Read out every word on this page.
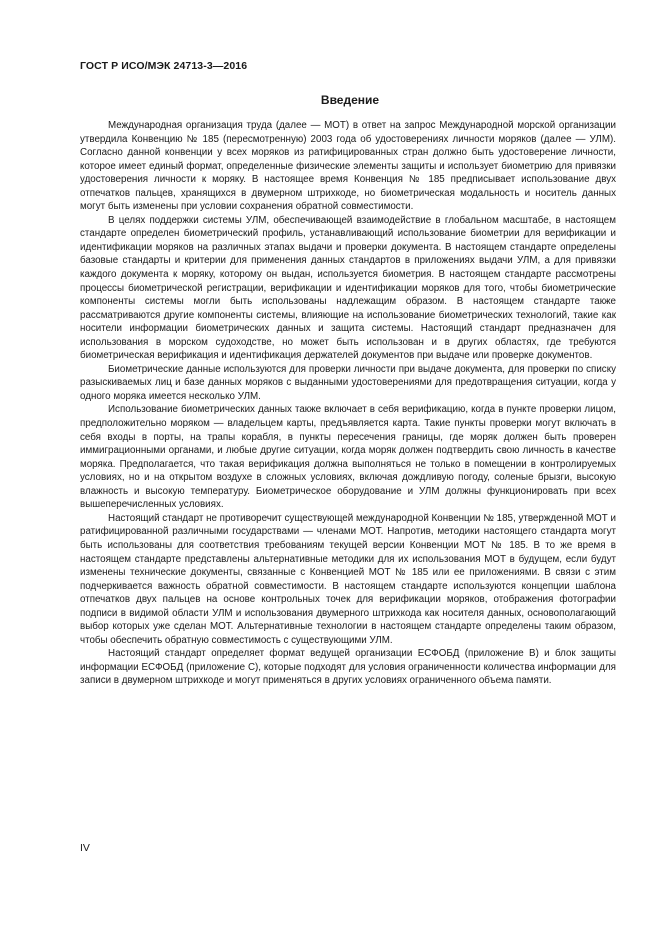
ГОСТ Р ИСО/МЭК 24713-3—2016
Введение

Международная организация труда (далее — МОТ) в ответ на запрос Международной морской организации утвердила Конвенцию № 185 (пересмотренную) 2003 года об удостоверениях личности моряков (далее — УЛМ). Согласно данной конвенции у всех моряков из ратифицированных стран должно быть удостоверение личности, которое имеет единый формат, определенные физические элементы защиты и использует биометрию для привязки удостоверения личности к моряку. В настоящее время Конвенция № 185 предписывает использование двух отпечатков пальцев, хранящихся в двумерном штрихкоде, но биометрическая модальность и носитель данных могут быть изменены при условии сохранения обратной совместимости.

В целях поддержки системы УЛМ, обеспечивающей взаимодействие в глобальном масштабе, в настоящем стандарте определен биометрический профиль, устанавливающий использование биометрии для верификации и идентификации моряков на различных этапах выдачи и проверки документа. В настоящем стандарте определены базовые стандарты и критерии для применения данных стандартов в приложениях выдачи УЛМ, а для привязки каждого документа к моряку, которому он выдан, используется биометрия. В настоящем стандарте рассмотрены процессы биометрической регистрации, верификации и идентификации моряков для того, чтобы биометрические компоненты системы могли быть использованы надлежащим образом. В настоящем стандарте также рассматриваются другие компоненты системы, влияющие на использование биометрических технологий, такие как носители информации биометрических данных и защита системы. Настоящий стандарт предназначен для использования в морском судоходстве, но может быть использован и в других областях, где требуются биометрическая верификация и идентификация держателей документов при выдаче или проверке документов.

Биометрические данные используются для проверки личности при выдаче документа, для проверки по списку разыскиваемых лиц и базе данных моряков с выданными удостоверениями для предотвращения ситуации, когда у одного моряка имеется несколько УЛМ.

Использование биометрических данных также включает в себя верификацию, когда в пункте проверки лицом, предположительно моряком — владельцем карты, предъявляется карта. Такие пункты проверки могут включать в себя входы в порты, на трапы корабля, в пункты пересечения границы, где моряк должен быть проверен иммиграционными органами, и любые другие ситуации, когда моряк должен подтвердить свою личность в качестве моряка. Предполагается, что такая верификация должна выполняться не только в помещении в контролируемых условиях, но и на открытом воздухе в сложных условиях, включая дождливую погоду, соленые брызги, высокую влажность и высокую температуру. Биометрическое оборудование и УЛМ должны функционировать при всех вышеперечисленных условиях.

Настоящий стандарт не противоречит существующей международной Конвенции № 185, утвержденной МОТ и ратифицированной различными государствами — членами МОТ. Напротив, методики настоящего стандарта могут быть использованы для соответствия требованиям текущей версии Конвенции МОТ № 185. В то же время в настоящем стандарте представлены альтернативные методики для их использования МОТ в будущем, если будут изменены технические документы, связанные с Конвенцией МОТ № 185 или ее приложениями. В связи с этим подчеркивается важность обратной совместимости. В настоящем стандарте используются концепции шаблона отпечатков двух пальцев на основе контрольных точек для верификации моряков, отображения фотографии подписи в видимой области УЛМ и использования двумерного штрихкода как носителя данных, основополагающий выбор которых уже сделан МОТ. Альтернативные технологии в настоящем стандарте определены таким образом, чтобы обеспечить обратную совместимость с существующими УЛМ.

Настоящий стандарт определяет формат ведущей организации ЕСФОБД (приложение В) и блок защиты информации ЕСФОБД (приложение С), которые подходят для условия ограниченности количества информации для записи в двумерном штрихкоде и могут применяться в других условиях ограниченного объема памяти.

IV
